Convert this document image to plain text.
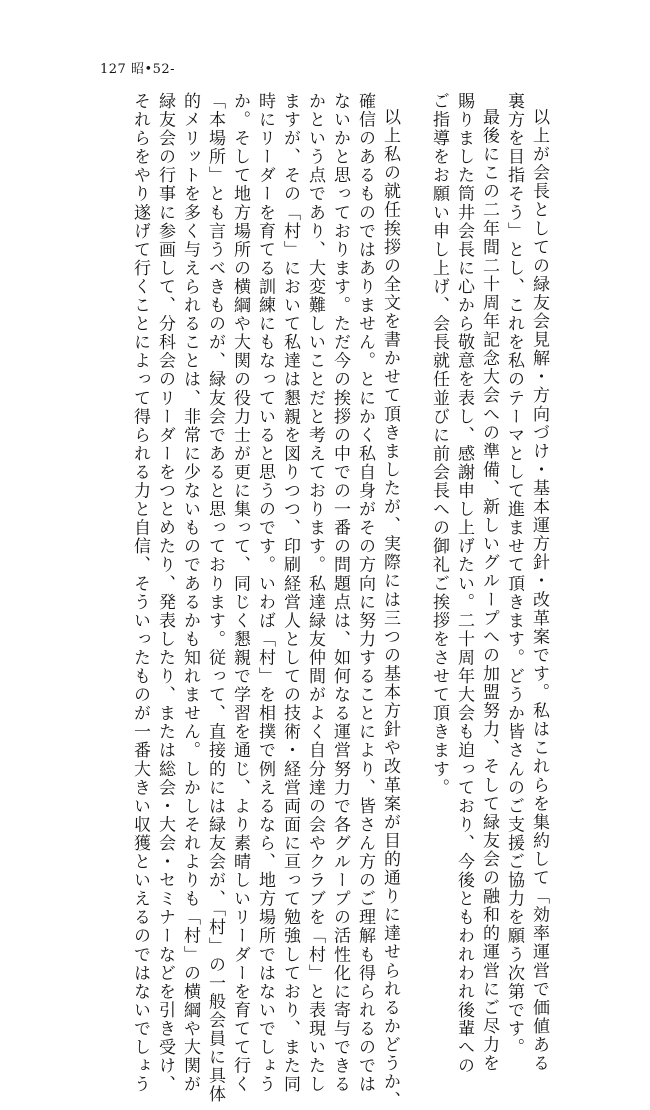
127 昭•52-
以上が会長としての緑友会見解・方向づけ・基本運方針・改革案です。私はこれらを集約して「効率運営で価値ある
裏方を目指そう」とし、これを私のテーマとして進ませて頂きます。どうか皆さんのご支援ご協力を願う次第です。
最後にこの二年間二十周年記念大会への準備、新しいグループへの加盟努力、そして緑友会の融和的運営にご尽力を
賜りました筒井会長に心から敬意を表し、感謝申し上げたい。二十周年大会も迫っており、今後ともわれわれ後輩への
ご指導をお願い申し上げ、会長就任並びに前会長への御礼ご挨拶をさせて頂きます。
以上私の就任挨拶の全文を書かせて頂きましたが、実際には三つの基本方針や改革案が目的通りに達せられるかどうか、
確信のあるものではありません。とにかく私自身がその方向に努力することにより、皆さん方のご理解も得られるのでは
ないかと思っております。ただ今の挨拶の中での一番の問題点は、如何なる運営努力で各グループの活性化に寄与できる
かという点であり、大変難しいことだと考えております。私達緑友仲間がよく自分達の会やクラブを「村」と表現いたし
ますが、その「村」において私達は懇親を図りつつ、印刷経営人としての技術・経営両面に亘って勉強しており、また同
時にリーダーを育てる訓練にもなっていると思うのです。いわば「村」を相撲で例えるなら、地方場所ではないでしょう
か。そして地方場所の横綱や大関の役力士が更に集って、同じく懇親で学習を通じ、より素晴しいリーダーを育てて行く
「本場所」とも言うべきものが、緑友会であると思っております。従って、直接的には緑友会が、「村」の一般会員に具体
的メリットを多く与えられることは、非常に少ないものであるかも知れません。しかしそれよりも「村」の横綱や大関が
緑友会の行事に参画して、分科会のリーダーをつとめたり、発表したり、または総会・大会・セミナーなどを引き受け、
それらをやり遂げて行くことによって得られる力と自信、そういったものが一番大きい収獲といえるのではないでしょう
